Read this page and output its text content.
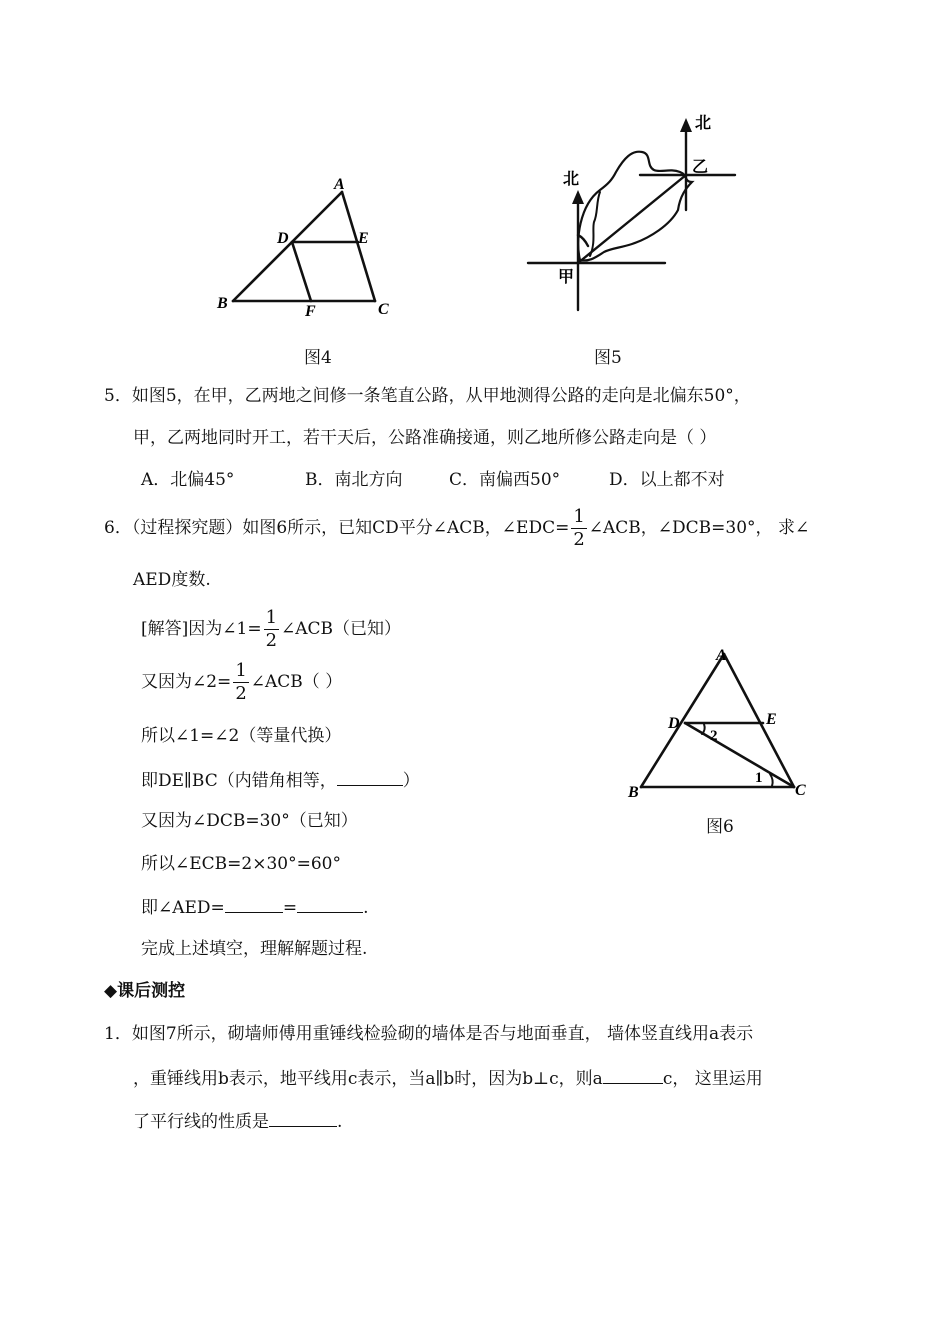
A
D	E
B	F	C
图4
北
北
甲
乙
图5
5．如图5，在甲，乙两地之间修一条笔直公路，从甲地测得公路的走向是北偏东50°，
甲，乙两地同时开工，若干天后，公路准确接通，则乙地所修公路走向是（ ）
A．北偏45°	B．南北方向	C．南偏西50°	D．以上都不对
6．（过程探究题）如图6所示，已知CD平分∠ACB，∠EDC= $\frac{1}{2}$ ∠ACB，∠DCB=30°， 求∠
AED度数.
[解答]因为∠1= $\frac{1}{2}$ ∠ACB（已知）
又因为∠2= $\frac{1}{2}$ ∠ACB（ ）
所以∠1=∠2（等量代换）
即DE∥BC（内错角相等，	）
又因为∠DCB=30°（已知）
所以∠ECB=2×30°=60°
即∠AED=	=	.
完成上述填空，理解解题过程.
A
D	E
2
1
B	C
图6
◆课后测控
1．如图7所示，砌墙师傅用重锤线检验砌的墙体是否与地面垂直， 墙体竖直线用a表示
，重锤线用b表示，地平线用c表示，当a∥b时，因为b⊥c，则a	c， 这里运用
了平行线的性质是	.
